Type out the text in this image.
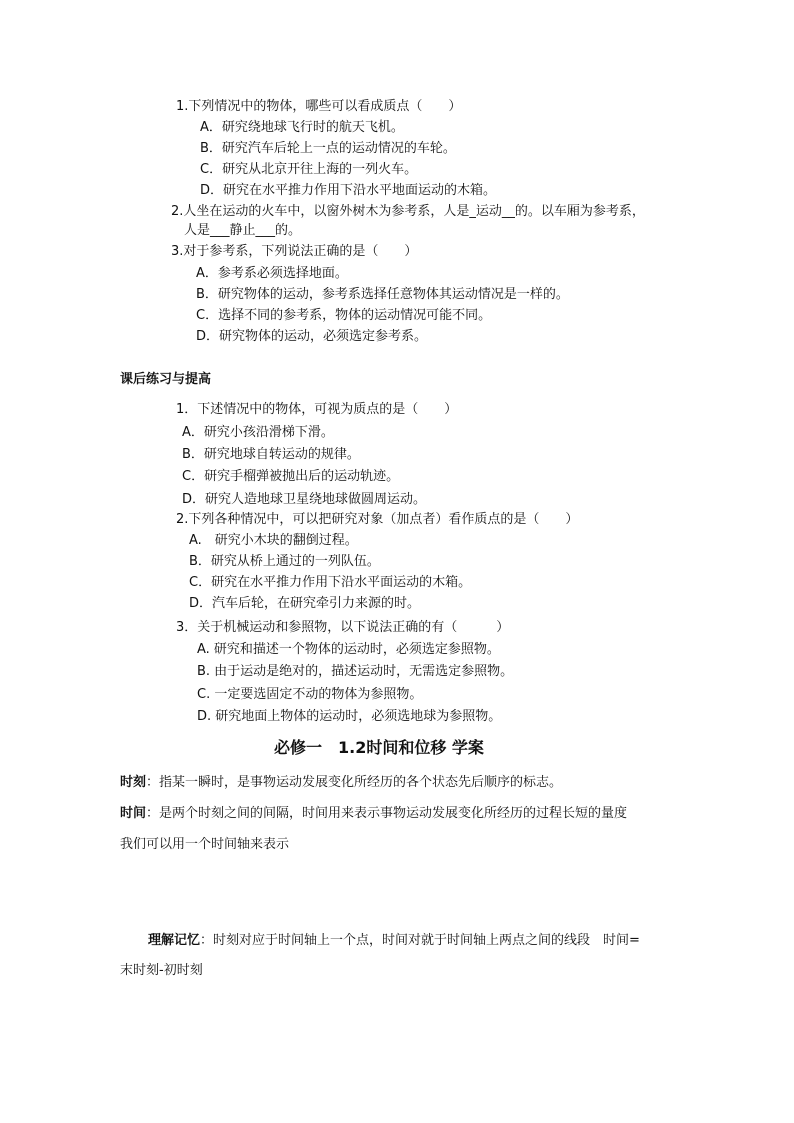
1.下列情况中的物体，哪些可以看成质点（　　）
A．研究绕地球飞行时的航天飞机。
B．研究汽车后轮上一点的运动情况的车轮。
C．研究从北京开往上海的一列火车。
D．研究在水平推力作用下沿水平地面运动的木箱。
2.人坐在运动的火车中，以窗外树木为参考系，人是_运动__的。以车厢为参考系，
人是___静止___的。
3.对于参考系，下列说法正确的是（　　）
A．参考系必须选择地面。
B．研究物体的运动，参考系选择任意物体其运动情况是一样的。
C．选择不同的参考系，物体的运动情况可能不同。
D．研究物体的运动，必须选定参考系。
课后练习与提高
1．下述情况中的物体，可视为质点的是（　　）
A．研究小孩沿滑梯下滑。
B．研究地球自转运动的规律。
C．研究手榴弹被抛出后的运动轨迹。
D．研究人造地球卫星绕地球做圆周运动。
2.下列各种情况中，可以把研究对象（加点者）看作质点的是（　　）
A.　研究小木块的翻倒过程。
B．研究从桥上通过的一列队伍。
C．研究在水平推力作用下沿水平面运动的木箱。
D．汽车后轮，在研究牵引力来源的时。
3．关于机械运动和参照物，以下说法正确的有（　　　）
A. 研究和描述一个物体的运动时，必须选定参照物。
B. 由于运动是绝对的，描述运动时，无需选定参照物。
C. 一定要选固定不动的物体为参照物。
D. 研究地面上物体的运动时，必须选地球为参照物。
必修一　1.2时间和位移 学案
时刻：指某一瞬时，是事物运动发展变化所经历的各个状态先后顺序的标志。
时间：是两个时刻之间的间隔，时间用来表示事物运动发展变化所经历的过程长短的量度
我们可以用一个时间轴来表示
理解记忆：时刻对应于时间轴上一个点，时间对就于时间轴上两点之间的线段　时间=
末时刻-初时刻
